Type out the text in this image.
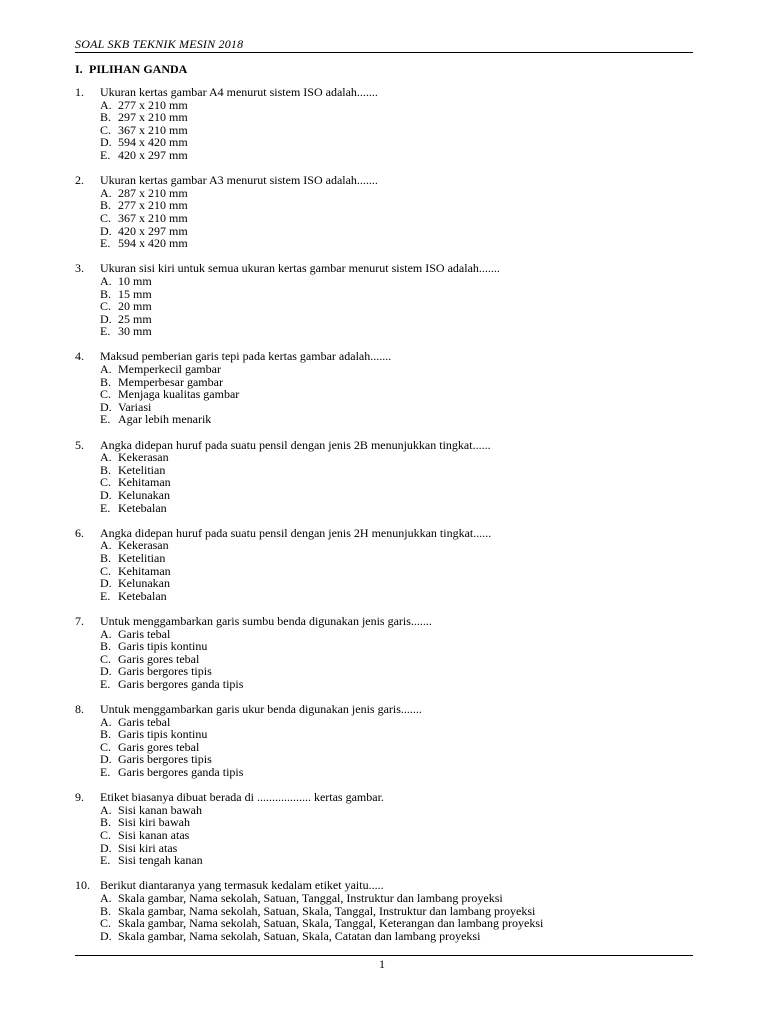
SOAL SKB TEKNIK MESIN 2018
I. PILIHAN GANDA
1.	Ukuran kertas gambar A4 menurut sistem ISO adalah.......
A. 277 x 210 mm
B. 297 x 210 mm
C. 367 x 210 mm
D. 594 x 420 mm
E. 420 x 297 mm
2.	Ukuran kertas gambar A3 menurut sistem ISO adalah.......
A. 287 x 210 mm
B. 277 x 210 mm
C. 367 x 210 mm
D. 420 x 297 mm
E. 594 x 420 mm
3.	Ukuran sisi kiri untuk semua ukuran kertas gambar menurut sistem ISO adalah.......
A. 10 mm
B. 15 mm
C. 20 mm
D. 25 mm
E. 30 mm
4.	Maksud pemberian garis tepi pada kertas gambar adalah.......
A. Memperkecil gambar
B. Memperbesar gambar
C. Menjaga kualitas gambar
D. Variasi
E. Agar lebih menarik
5.	Angka didepan huruf pada suatu pensil dengan jenis 2B menunjukkan tingkat......
A. Kekerasan
B. Ketelitian
C. Kehitaman
D. Kelunakan
E. Ketebalan
6.	Angka didepan huruf pada suatu pensil dengan jenis 2H menunjukkan tingkat......
A. Kekerasan
B. Ketelitian
C. Kehitaman
D. Kelunakan
E. Ketebalan
7.	Untuk menggambarkan garis sumbu benda digunakan jenis garis.......
A. Garis tebal
B. Garis tipis kontinu
C. Garis gores tebal
D. Garis bergores tipis
E. Garis bergores ganda tipis
8.	Untuk menggambarkan garis ukur benda digunakan jenis garis.......
A. Garis tebal
B. Garis tipis kontinu
C. Garis gores tebal
D. Garis bergores tipis
E. Garis bergores ganda tipis
9.	Etiket biasanya dibuat berada di .................. kertas gambar.
A. Sisi kanan bawah
B. Sisi kiri bawah
C. Sisi kanan atas
D. Sisi kiri atas
E. Sisi tengah kanan
10. Berikut diantaranya yang termasuk kedalam etiket yaitu.....
A. Skala gambar, Nama sekolah, Satuan, Tanggal, Instruktur dan lambang proyeksi
B. Skala gambar, Nama sekolah, Satuan, Skala, Tanggal, Instruktur dan lambang proyeksi
C. Skala gambar, Nama sekolah, Satuan, Skala, Tanggal, Keterangan dan lambang proyeksi
D. Skala gambar, Nama sekolah, Satuan, Skala, Catatan dan lambang proyeksi
1
